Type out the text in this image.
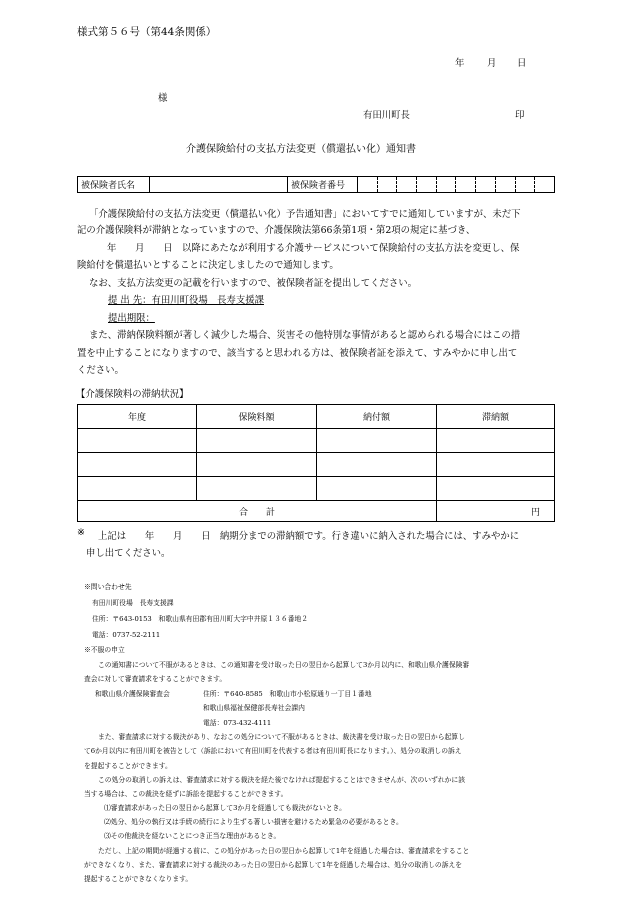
様式第５６号（第44条関係）
年 月 日
様
有田川町長	印
介護保険給付の支払方法変更（償還払い化）通知書
被保険者氏名		被保険者番号										
「介護保険給付の支払方法変更（償還払い化）予告通知書」においてすでに通知していますが、未だ下
記の介護保険料が滞納となっていますので、介護保険法第66条第1項・第2項の規定に基づき、
年　　月　　日　以降にあたなが利用する介護サービスについて保険給付の支払方法を変更し、保
険給付を償還払いとすることに決定しましたので通知します。
なお、支払方法変更の記載を行いますので、被保険者証を提出してください。
提 出 先：有田川町役場　長寿支援課
提出期限：
また、滞納保険料額が著しく減少した場合、災害その他特別な事情があると認められる場合にはこの措
置を中止することになりますので、該当すると思われる方は、被保険者証を添えて、すみやかに申し出て
ください。
【介護保険料の滞納状況】
年度	保険料額	納付額	滞納額

合　　計			円
※ 上記は　　年　　月　　日　納期分までの滞納額です。行き違いに納入された場合には、すみやかに
申し出てください。
※問い合わせ先
有田川町役場　長寿支援課
住所：〒643-0153　和歌山県有田郡有田川町大字中井原１３６番地２
電話：0737-52-2111
※不服の申立
この通知書について不服があるときは、この通知書を受け取った日の翌日から起算して3か月以内に、和歌山県介護保険審
査会に対して審査請求をすることができます。
和歌山県介護保険審査会	住所：〒640-8585　和歌山市小松原通り一丁目１番地
和歌山県福祉保健部長寿社会課内
電話：073-432-4111
また、審査請求に対する裁決があり、なおこの処分について不服があるときは、裁決書を受け取った日の翌日から起算し
て6か月以内に有田川町を被告として（訴訟において有田川町を代表する者は有田川町長になります。）、処分の取消しの訴え
を提起することができます。
この処分の取消しの訴えは、審査請求に対する裁決を経た後でなければ提起することはできませんが、次のいずれかに該
当する場合は、この裁決を経ずに訴訟を提起することができます。
⑴審査請求があった日の翌日から起算して3か月を経過しても裁決がないとき。
⑵処分、処分の執行又は手続の続行により生ずる著しい損害を避けるため緊急の必要があるとき。
⑶その他裁決を経ないことにつき正当な理由があるとき。
ただし、上記の期間が経過する前に、この処分があった日の翌日から起算して1年を経過した場合は、審査請求をすること
ができなくなり、また、審査請求に対する裁決のあった日の翌日から起算して1年を経過した場合は、処分の取消しの訴えを
提起することができなくなります。
